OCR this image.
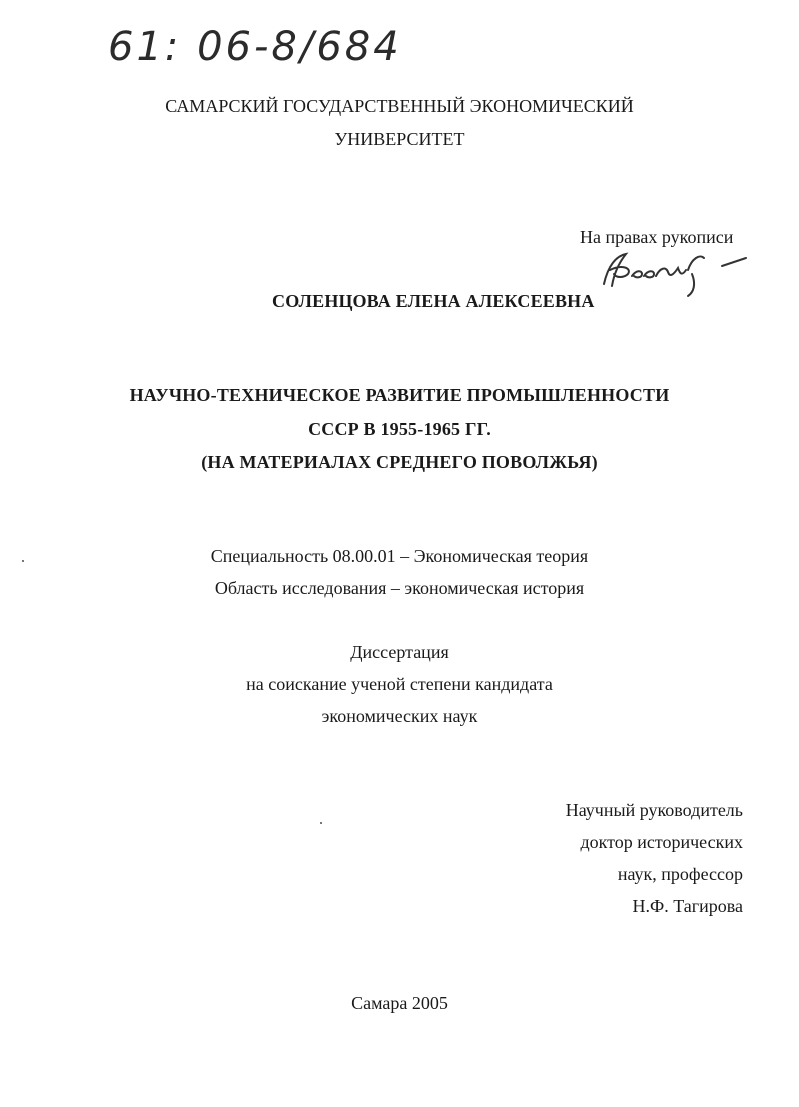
61: 06-8/684
САМАРСКИЙ ГОСУДАРСТВЕННЫЙ ЭКОНОМИЧЕСКИЙ
УНИВЕРСИТЕТ
На правах рукописи
СОЛЕНЦОВА ЕЛЕНА АЛЕКСЕЕВНА
НАУЧНО-ТЕХНИЧЕСКОЕ РАЗВИТИЕ ПРОМЫШЛЕННОСТИ
СССР В 1955-1965 ГГ.
(НА МАТЕРИАЛАХ СРЕДНЕГО ПОВОЛЖЬЯ)
Специальность 08.00.01 – Экономическая теория
Область исследования – экономическая история
Диссертация
на соискание ученой степени кандидата
экономических наук
Научный руководитель
доктор исторических
наук, профессор
Н.Ф. Тагирова
Самара 2005
